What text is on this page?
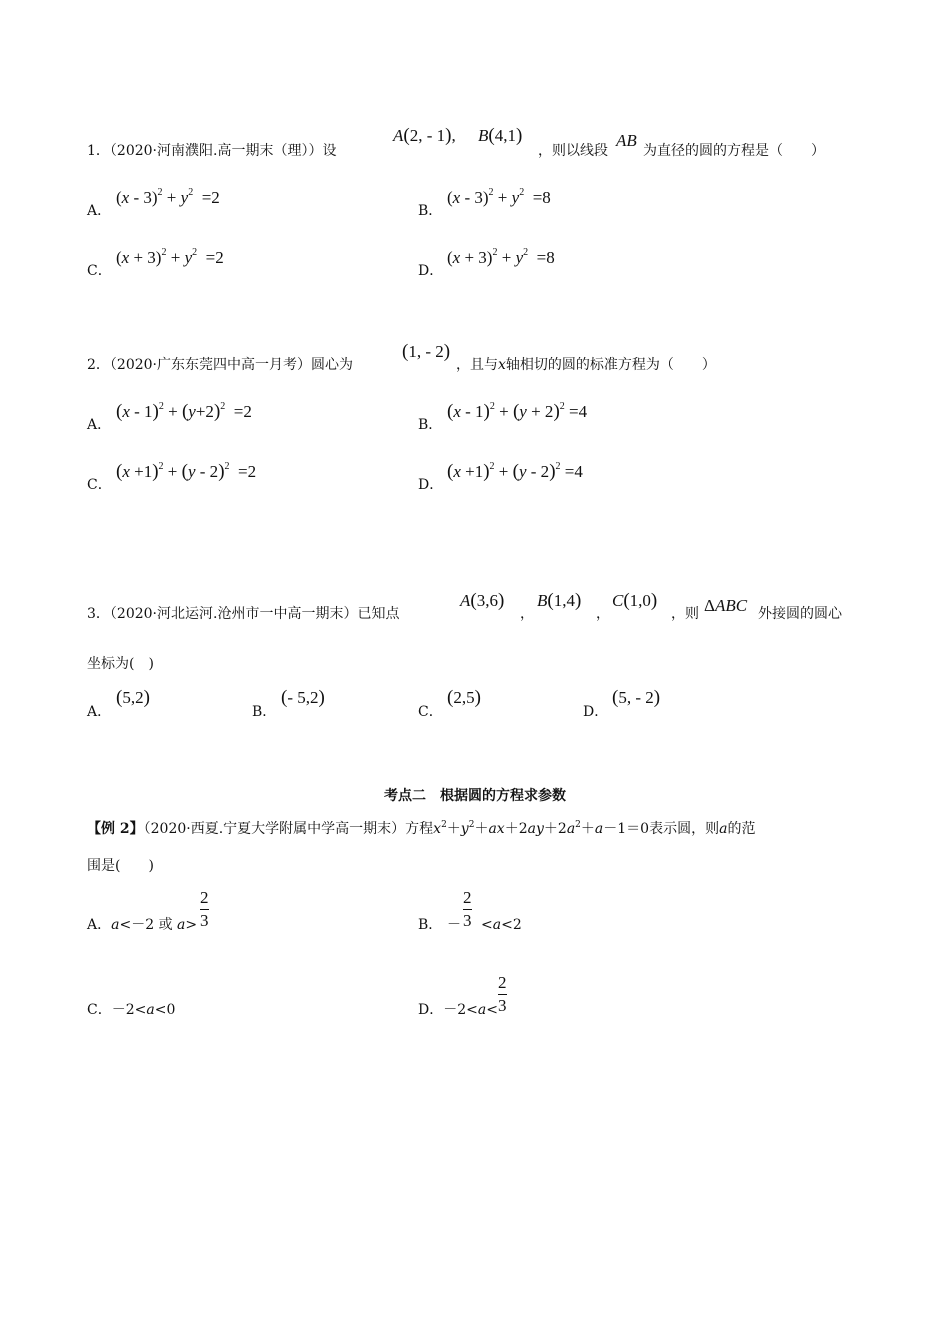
1．（2020·河南濮阳.高一期末（理））设
A(2, - 1), B(4,1)
，则以线段
AB
为直径的圆的方程是（　　）
A．
$(x - 3)^2 + y^2 =2$
B．
$(x - 3)^2 + y^2 =8$
C．
$(x + 3)^2 + y^2 =2$
D．
$(x + 3)^2 + y^2 =8$
2．（2020·广东东莞四中高一月考）圆心为
(1, - 2)
，且与x轴相切的圆的标准方程为（　　）
A．
$(x - 1)^2 + (y+2)^2 =2$
B．
$(x - 1)^2 + (y + 2)^2 =4$
C．
$(x +1)^2 + (y - 2)^2 =2$
D．
$(x +1)^2 + (y - 2)^2 =4$
3．（2020·河北运河.沧州市一中高一期末）已知点
A(3,6)
，
B(1,4)
，
C(1,0)
，则 ΔABC 外接圆的圆心
坐标为(　)
A．
(5,2)
B．
(- 5,2)
C．
(2,5)
D．
(5, - 2)
考点二　根据圆的方程求参数
【例 2】（2020·西夏.宁夏大学附属中学高一期末）方程$x^2+y^2+ax+2ay+2a^2+a-1=0$表示圆，则a的范
围是(　　)
A．a<－2 或 $a> \frac{2}{3}$	B． － $\frac{2}{3} <a<2$
C．－2<a<0	D．$-2<a< \frac{2}{3}$
